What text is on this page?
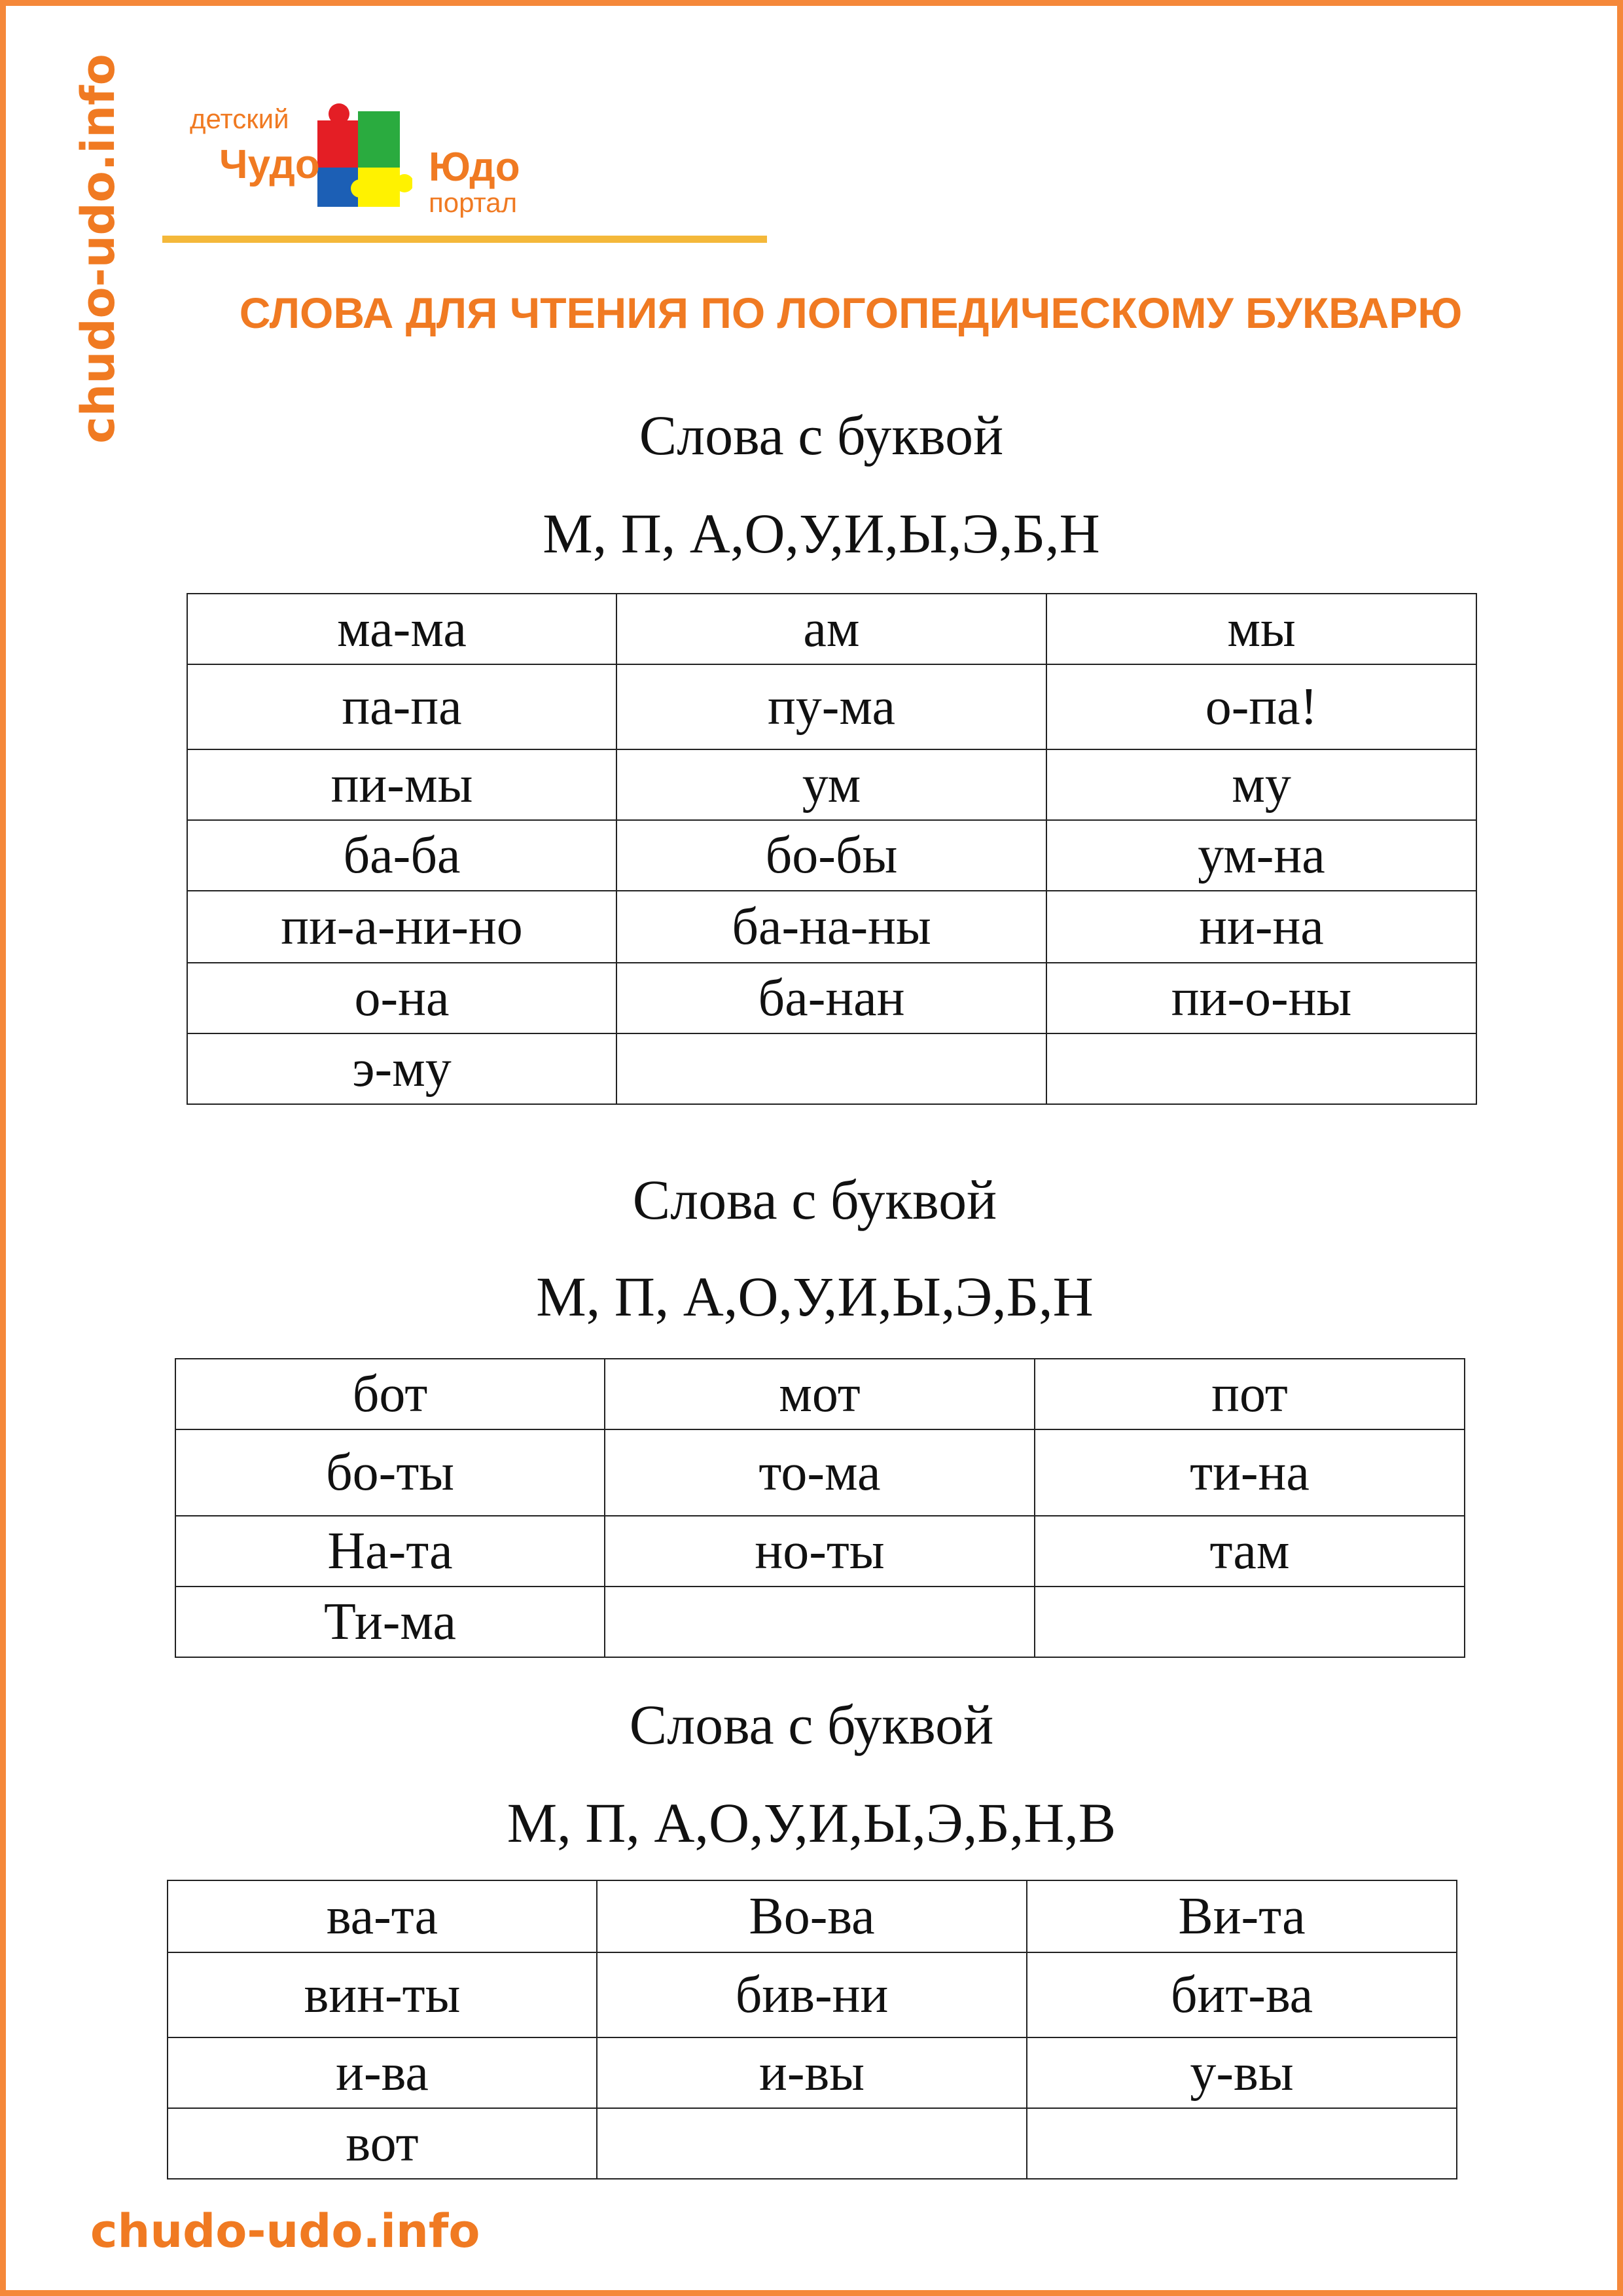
chudo-udo.info детский
Чудо	Юдо
портал
СЛОВА ДЛЯ ЧТЕНИЯ ПО ЛОГОПЕДИЧЕСКОМУ БУКВАРЮ
Слова с буквой
М, П, А,О,У,И,Ы,Э,Б,Н
ма-ма	ам	мы
па-па	пу-ма	о-па!
пи-мы	ум	му
ба-ба	бо-бы	ум-на
пи-а-ни-но	ба-на-ны	ни-на
о-на	ба-нан	пи-о-ны
э-му		
Слова с буквой
М, П, А,О,У,И,Ы,Э,Б,Н
бот	мот	пот
бо-ты	то-ма	ти-на
На-та	но-ты	там
Ти-ма		
Слова с буквой
М, П, А,О,У,И,Ы,Э,Б,Н,В
ва-та	Во-ва	Ви-та
вин-ты	бив-ни	бит-ва
и-ва	и-вы	у-вы
вот		
chudo-udo.info
